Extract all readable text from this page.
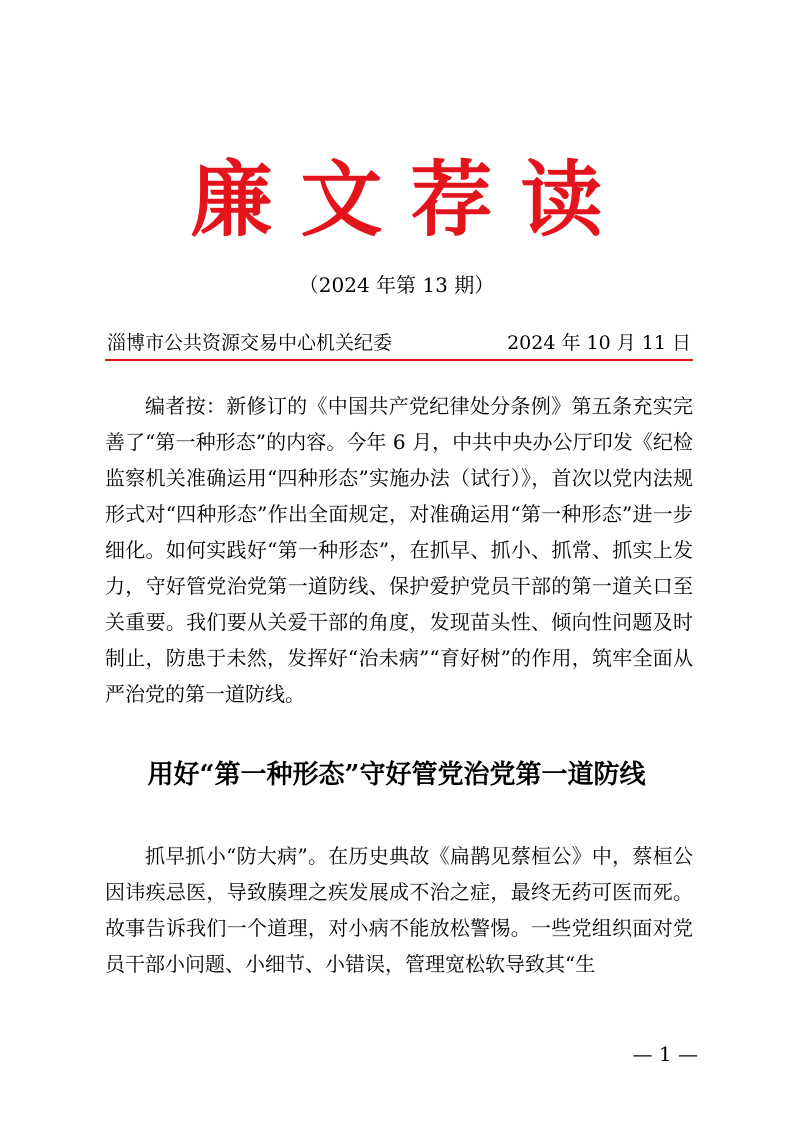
廉文荐读
（2024 年第 13 期）
淄博市公共资源交易中心机关纪委	2024 年 10 月 11 日

编者按：新修订的《中国共产党纪律处分条例》第五条充实完善了“第一种形态”的内容。今年 6 月，中共中央办公厅印发《纪检监察机关准确运用“四种形态”实施办法（试行）》，首次以党内法规形式对“四种形态”作出全面规定，对准确运用“第一种形态”进一步细化。如何实践好“第一种形态”，在抓早、抓小、抓常、抓实上发力，守好管党治党第一道防线、保护爱护党员干部的第一道关口至关重要。我们要从关爱干部的角度，发现苗头性、倾向性问题及时制止，防患于未然，发挥好“治未病”“育好树”的作用，筑牢全面从严治党的第一道防线。

用好“第一种形态”守好管党治党第一道防线

抓早抓小“防大病”。在历史典故《扁鹊见蔡桓公》中，蔡桓公因讳疾忌医，导致腠理之疾发展成不治之症，最终无药可医而死。故事告诉我们一个道理，对小病不能放松警惕。一些党组织面对党员干部小问题、小细节、小错误，管理宽松软导致其“生

— 1 —
